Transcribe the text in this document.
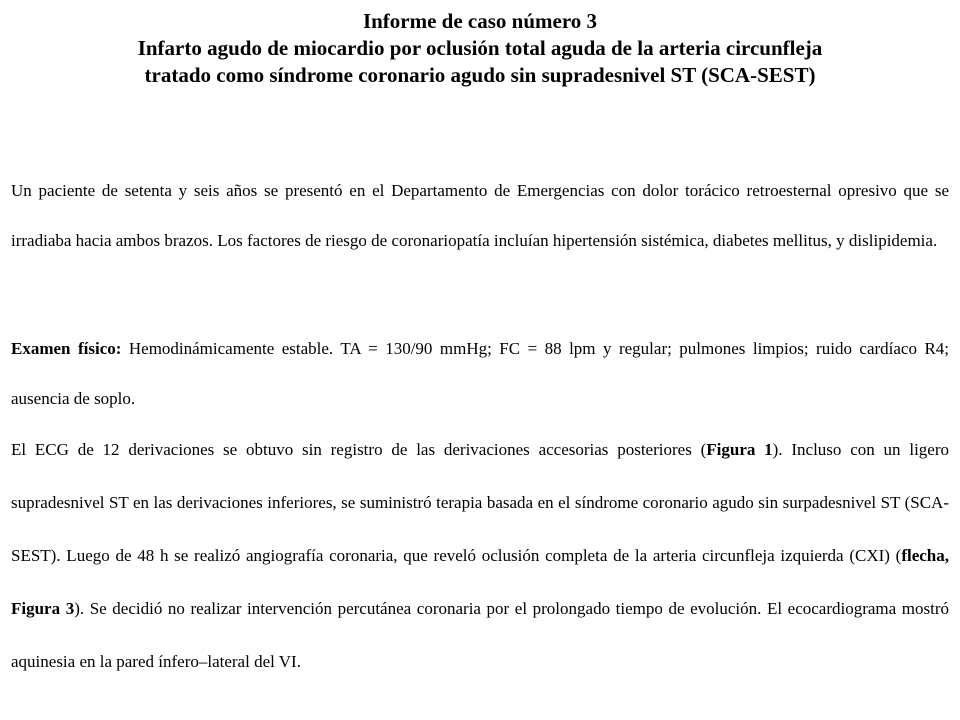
Informe de caso número 3
Infarto agudo de miocardio por oclusión total aguda de la arteria circunfleja
tratado como síndrome coronario agudo sin supradesnivel ST (SCA-SEST)

Un paciente de setenta y seis años se presentó en el Departamento de Emergencias con dolor torácico retroesternal opresivo que se irradiaba hacia ambos brazos. Los factores de riesgo de coronariopatía incluían hipertensión sistémica, diabetes mellitus, y dislipidemia.

Examen físico: Hemodinámicamente estable. TA = 130/90 mmHg; FC = 88 lpm y regular; pulmones limpios; ruido cardíaco R4; ausencia de soplo.

El ECG de 12 derivaciones se obtuvo sin registro de las derivaciones accesorias posteriores (Figura 1). Incluso con un ligero supradesnivel ST en las derivaciones inferiores, se suministró terapia basada en el síndrome coronario agudo sin surpadesnivel ST (SCA-SEST). Luego de 48 h se realizó angiografía coronaria, que reveló oclusión completa de la arteria circunfleja izquierda (CXI) (flecha, Figura 3). Se decidió no realizar intervención percutánea coronaria por el prolongado tiempo de evolución. El ecocardiograma mostró aquinesia en la pared ínfero–lateral del VI.
